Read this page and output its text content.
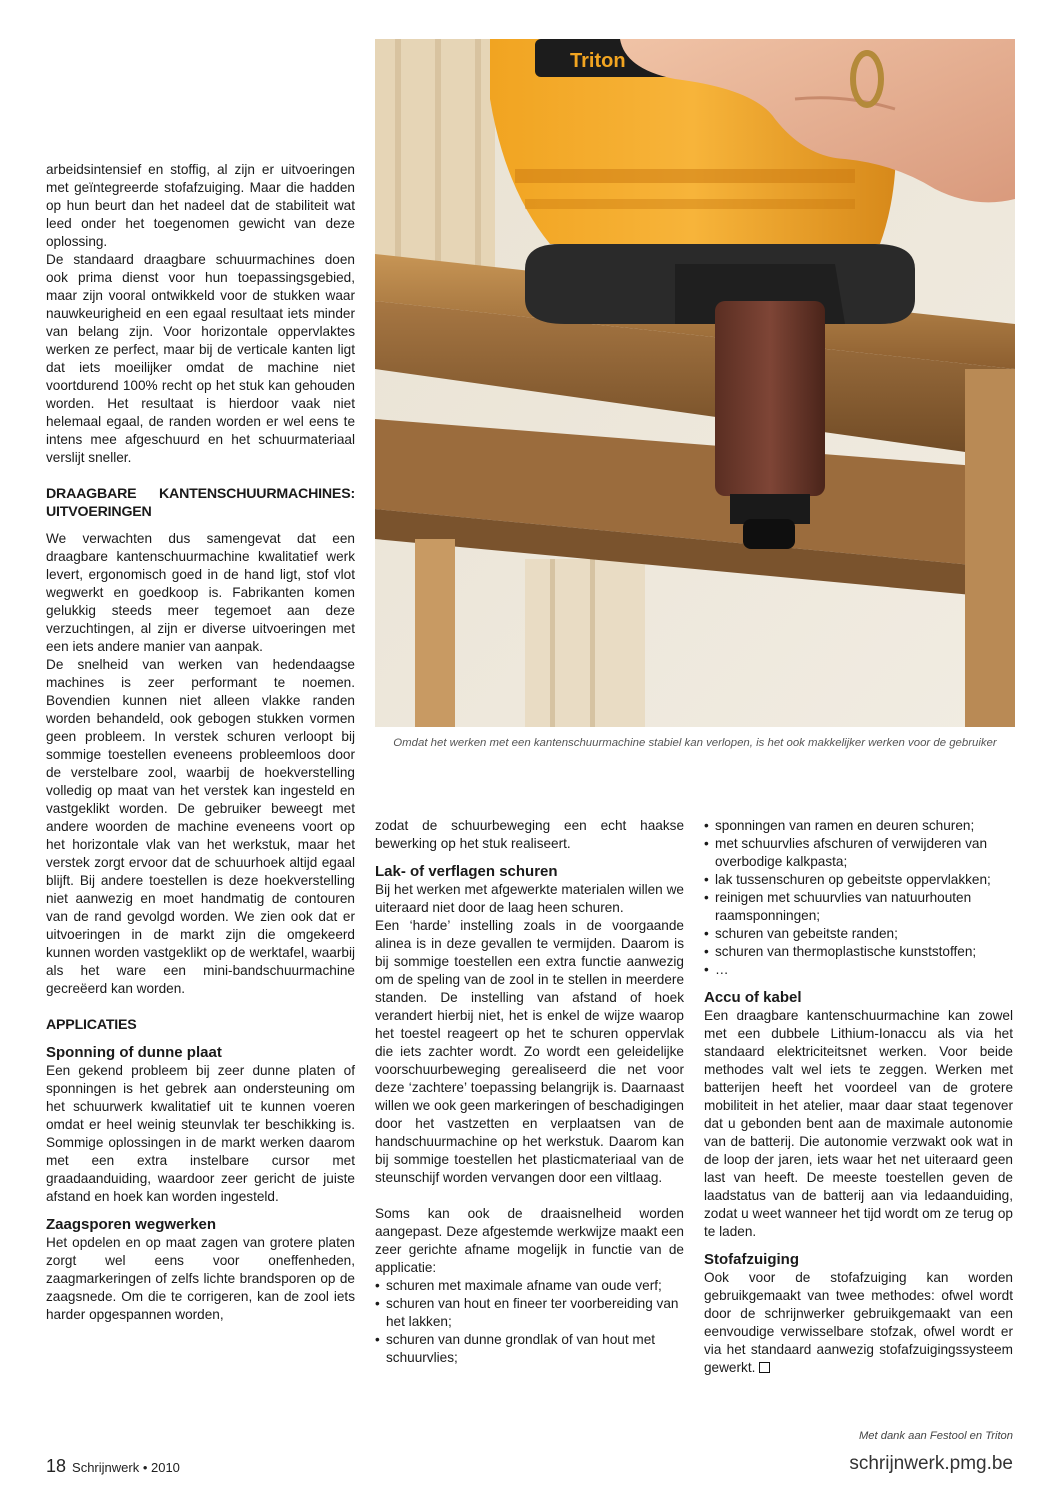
arbeidsintensief en stoffig, al zijn er uitvoeringen met geïntegreerde stofafzuiging. Maar die hadden op hun beurt dan het nadeel dat de stabiliteit wat leed onder het toegenomen gewicht van deze oplossing.

De standaard draagbare schuurmachines doen ook prima dienst voor hun toepassingsgebied, maar zijn vooral ontwikkeld voor de stukken waar nauwkeurigheid en een egaal resultaat iets minder van belang zijn. Voor horizontale oppervlaktes werken ze perfect, maar bij de verticale kanten ligt dat iets moeilijker omdat de machine niet voortdurend 100% recht op het stuk kan gehouden worden. Het resultaat is hierdoor vaak niet helemaal egaal, de randen worden er wel eens te intens mee afgeschuurd en het schuurmateriaal verslijt sneller.

DRAAGBARE KANTENSCHUURMACHINES: UITVOERINGEN

We verwachten dus samengevat dat een draagbare kantenschuurmachine kwalitatief werk levert, ergonomisch goed in de hand ligt, stof vlot wegwerkt en goedkoop is. Fabrikanten komen gelukkig steeds meer tegemoet aan deze verzuchtingen, al zijn er diverse uitvoeringen met een iets andere manier van aanpak.

De snelheid van werken van hedendaagse machines is zeer performant te noemen. Bovendien kunnen niet alleen vlakke randen worden behandeld, ook gebogen stukken vormen geen probleem. In verstek schuren verloopt bij sommige toestellen eveneens probleemloos door de verstelbare zool, waarbij de hoekverstelling volledig op maat van het verstek kan ingesteld en vastgeklikt worden. De gebruiker beweegt met andere woorden de machine eveneens voort op het horizontale vlak van het werkstuk, maar het verstek zorgt ervoor dat de schuurhoek altijd egaal blijft. Bij andere toestellen is deze hoekverstelling niet aanwezig en moet handmatig de contouren van de rand gevolgd worden. We zien ook dat er uitvoeringen in de markt zijn die omgekeerd kunnen worden vastgeklikt op de werktafel, waarbij als het ware een mini-bandschuurmachine gecreëerd kan worden.

APPLICATIES
Sponning of dunne plaat

Een gekend probleem bij zeer dunne platen of sponningen is het gebrek aan ondersteuning om het schuurwerk kwalitatief uit te kunnen voeren omdat er heel weinig steunvlak ter beschikking is. Sommige oplossingen in de markt werken daarom met een extra instelbare cursor met graadaanduiding, waardoor zeer gericht de juiste afstand en hoek kan worden ingesteld.

Zaagsporen wegwerken

Het opdelen en op maat zagen van grotere platen zorgt wel eens voor oneffenheden, zaagmarkeringen of zelfs lichte brandsporen op de zaagsnede. Om die te corrigeren, kan de zool iets harder opgespannen worden,

Triton
Omdat het werken met een kantenschuurmachine stabiel kan verlopen, is het ook makkelijker werken voor de gebruiker

zodat de schuurbeweging een echt haakse bewerking op het stuk realiseert.

Lak- of verflagen schuren

Bij het werken met afgewerkte materialen willen we uiteraard niet door de laag heen schuren.

Een ‘harde’ instelling zoals in de voorgaande alinea is in deze gevallen te vermijden. Daarom is bij sommige toestellen een extra functie aanwezig om de speling van de zool in te stellen in meerdere standen. De instelling van afstand of hoek verandert hierbij niet, het is enkel de wijze waarop het toestel reageert op het te schuren oppervlak die iets zachter wordt. Zo wordt een geleidelijke voorschuurbeweging gerealiseerd die net voor deze ‘zachtere’ toepassing belangrijk is. Daarnaast willen we ook geen markeringen of beschadigingen door het vastzetten en verplaatsen van de handschuurmachine op het werkstuk. Daarom kan bij sommige toestellen het plasticmateriaal van de steunschijf worden vervangen door een viltlaag.

Soms kan ook de draaisnelheid worden aangepast. Deze afgestemde werkwijze maakt een zeer gerichte afname mogelijk in functie van de applicatie:

• schuren met maximale afname van oude verf;
• schuren van hout en fineer ter voorbereiding van het lakken;
• schuren van dunne grondlak of van hout met schuurvlies;
• sponningen van ramen en deuren schuren;
• met schuurvlies afschuren of verwijderen van overbodige kalkpasta;
• lak tussenschuren op gebeitste oppervlakken;
• reinigen met schuurvlies van natuurhouten raamsponningen;
• schuren van gebeitste randen;
• schuren van thermoplastische kunststoffen;
• …
Accu of kabel

Een draagbare kantenschuurmachine kan zowel met een dubbele Lithium-Ionaccu als via het standaard elektriciteitsnet werken. Voor beide methodes valt wel iets te zeggen. Werken met batterijen heeft het voordeel van de grotere mobiliteit in het atelier, maar daar staat tegenover dat u gebonden bent aan de maximale autonomie van de batterij. Die autonomie verzwakt ook wat in de loop der jaren, iets waar het net uiteraard geen last van heeft. De meeste toestellen geven de laadstatus van de batterij aan via ledaanduiding, zodat u weet wanneer het tijd wordt om ze terug op te laden.

Stofafzuiging

Ook voor de stofafzuiging kan worden gebruikgemaakt van twee methodes: ofwel wordt door de schrijnwerker gebruikgemaakt van een eenvoudige verwisselbare stofzak, ofwel wordt er via het standaard aanwezig stofafzuigingssysteem gewerkt.

Met dank aan Festool en Triton
18 Schrijnwerk • 2010	schrijnwerk.pmg.be
